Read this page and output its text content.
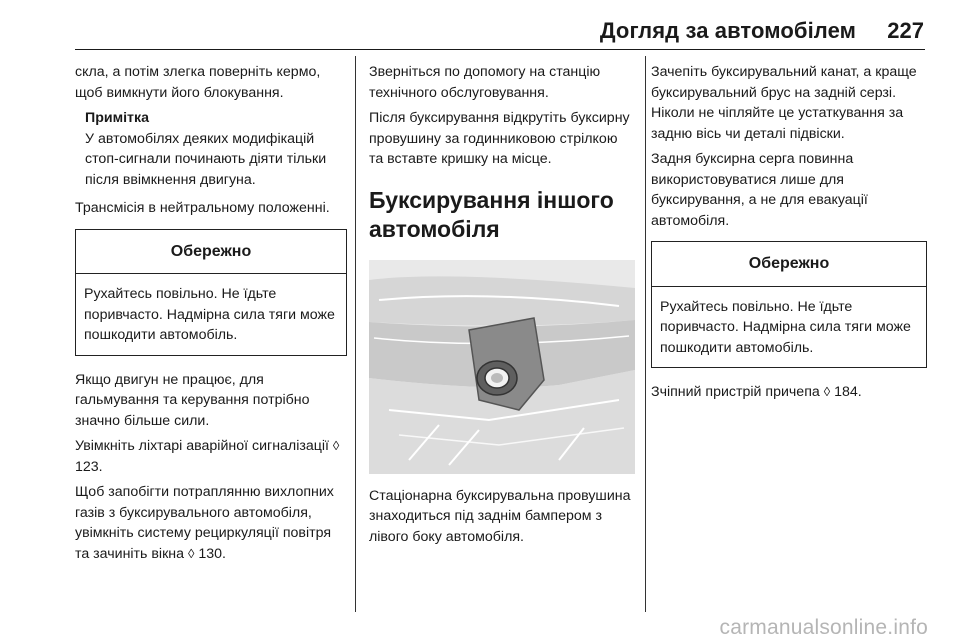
Догляд за автомобілем 227

скла, а потім злегка поверніть кермо, щоб вимкнути його блокування.

Примітка
У автомобілях деяких модифікацій стоп-сигнали починають діяти тільки після ввімкнення двигуна.

Трансмісія в нейтральному положенні.

Обережно
Рухайтесь повільно. Не їдьте поривчасто. Надмірна сила тяги може пошкодити автомобіль.

Якщо двигун не працює, для гальмування та керування потрібно значно більше сили.

Увімкніть ліхтарі аварійної сигналізації ◊ 123.

Щоб запобігти потраплянню вихлопних газів з буксирувального автомобіля, увімкніть систему рециркуляції повітря та зачиніть вікна ◊ 130.

Зверніться по допомогу на станцію технічного обслуговування.

Після буксирування відкрутіть буксирну провушину за годинниковою стрілкою та вставте кришку на місце.

Буксирування іншого автомобіля

Стаціонарна буксирувальна провушина знаходиться під заднім бампером з лівого боку автомобіля.

Зачепіть буксирувальний канат, а краще буксирувальний брус на задній серзі. Ніколи не чіпляйте це устаткування за задню вісь чи деталі підвіски.

Задня буксирна серга повинна використовуватися лише для буксирування, а не для евакуації автомобіля.

Обережно
Рухайтесь повільно. Не їдьте поривчасто. Надмірна сила тяги може пошкодити автомобіль.

Зчіпний пристрій причепа ◊ 184.

carmanualsonline.info
